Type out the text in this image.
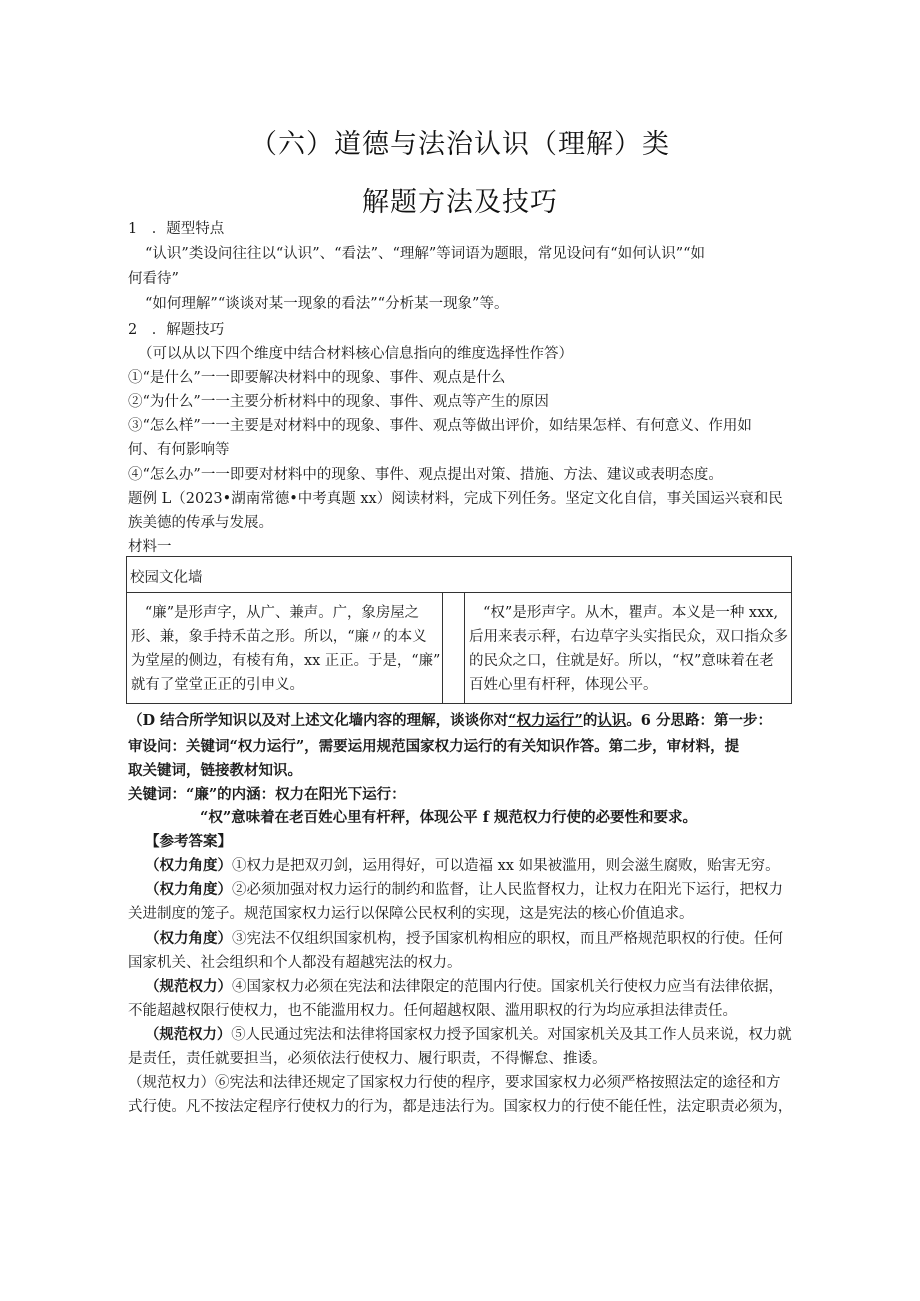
（六）道德与法治认识（理解）类
解题方法及技巧
1　．题型特点
“认识”类设问往往以“认识”、“看法”、“理解”等词语为题眼，常见设问有“如何认识”“如
何看待”
“如何理解”“谈谈对某一现象的看法”“分析某一现象”等。
2　．解题技巧
（可以从以下四个维度中结合材料核心信息指向的维度选择性作答）
①“是什么”一一即要解决材料中的现象、事件、观点是什么
②“为什么”一一主要分析材料中的现象、事件、观点等产生的原因
③“怎么样”一一主要是对材料中的现象、事件、观点等做出评价，如结果怎样、有何意义、作用如
何、有何影响等
④“怎么办”一一即要对材料中的现象、事件、观点提出对策、措施、方法、建议或表明态度。
题例 L（2023•湖南常德•中考真题 xx）阅读材料，完成下列任务。坚定文化自信，事关国运兴衰和民
族美德的传承与发展。
材料一
校园文化墙
“廉”是形声字，从广、兼声。广，象房屋之
形、兼，象手持禾苗之形。所以，“廉〃的本义
为堂屋的侧边，有棱有角，xx 正正。于是，“廉”
就有了堂堂正正的引申义。
“权”是形声字。从木，瞿声。本义是一种 xxx,
后用来表示秤，右边草字头实指民众，双口指众多
的民众之口，住就是好。所以，“权”意味着在老
百姓心里有杆秤，体现公平。
（D 结合所学知识以及对上述文化墙内容的理解，谈谈你对“权力运行”的认识。6 分思路：第一步：
审设问：关键词“权力运行”，需要运用规范国家权力运行的有关知识作答。第二步，审材料，提
取关键词，链接教材知识。
关键词：“廉”的内涵：权力在阳光下运行：
“权”意味着在老百姓心里有杆秤，体现公平 f 规范权力行使的必要性和要求。
【参考答案】
（权力角度）①权力是把双刃剑，运用得好，可以造福 xx 如果被滥用，则会滋生腐败，贻害无穷。
（权力角度）②必须加强对权力运行的制约和监督，让人民监督权力，让权力在阳光下运行，把权力
关进制度的笼子。规范国家权力运行以保障公民权利的实现，这是宪法的核心价值追求。
（权力角度）③宪法不仅组织国家机构，授予国家机构相应的职权，而且严格规范职权的行使。任何
国家机关、社会组织和个人都没有超越宪法的权力。
（规范权力）④国家权力必须在宪法和法律限定的范围内行使。国家机关行使权力应当有法律依据，
不能超越权限行使权力，也不能滥用权力。任何超越权限、滥用职权的行为均应承担法律责任。
（规范权力）⑤人民通过宪法和法律将国家权力授予国家机关。对国家机关及其工作人员来说，权力就
是责任，责任就要担当，必须依法行使权力、履行职责，不得懈怠、推诿。
（规范权力）⑥宪法和法律还规定了国家权力行使的程序，要求国家权力必须严格按照法定的途径和方
式行使。凡不按法定程序行使权力的行为，都是违法行为。国家权力的行使不能任性，法定职责必须为，
